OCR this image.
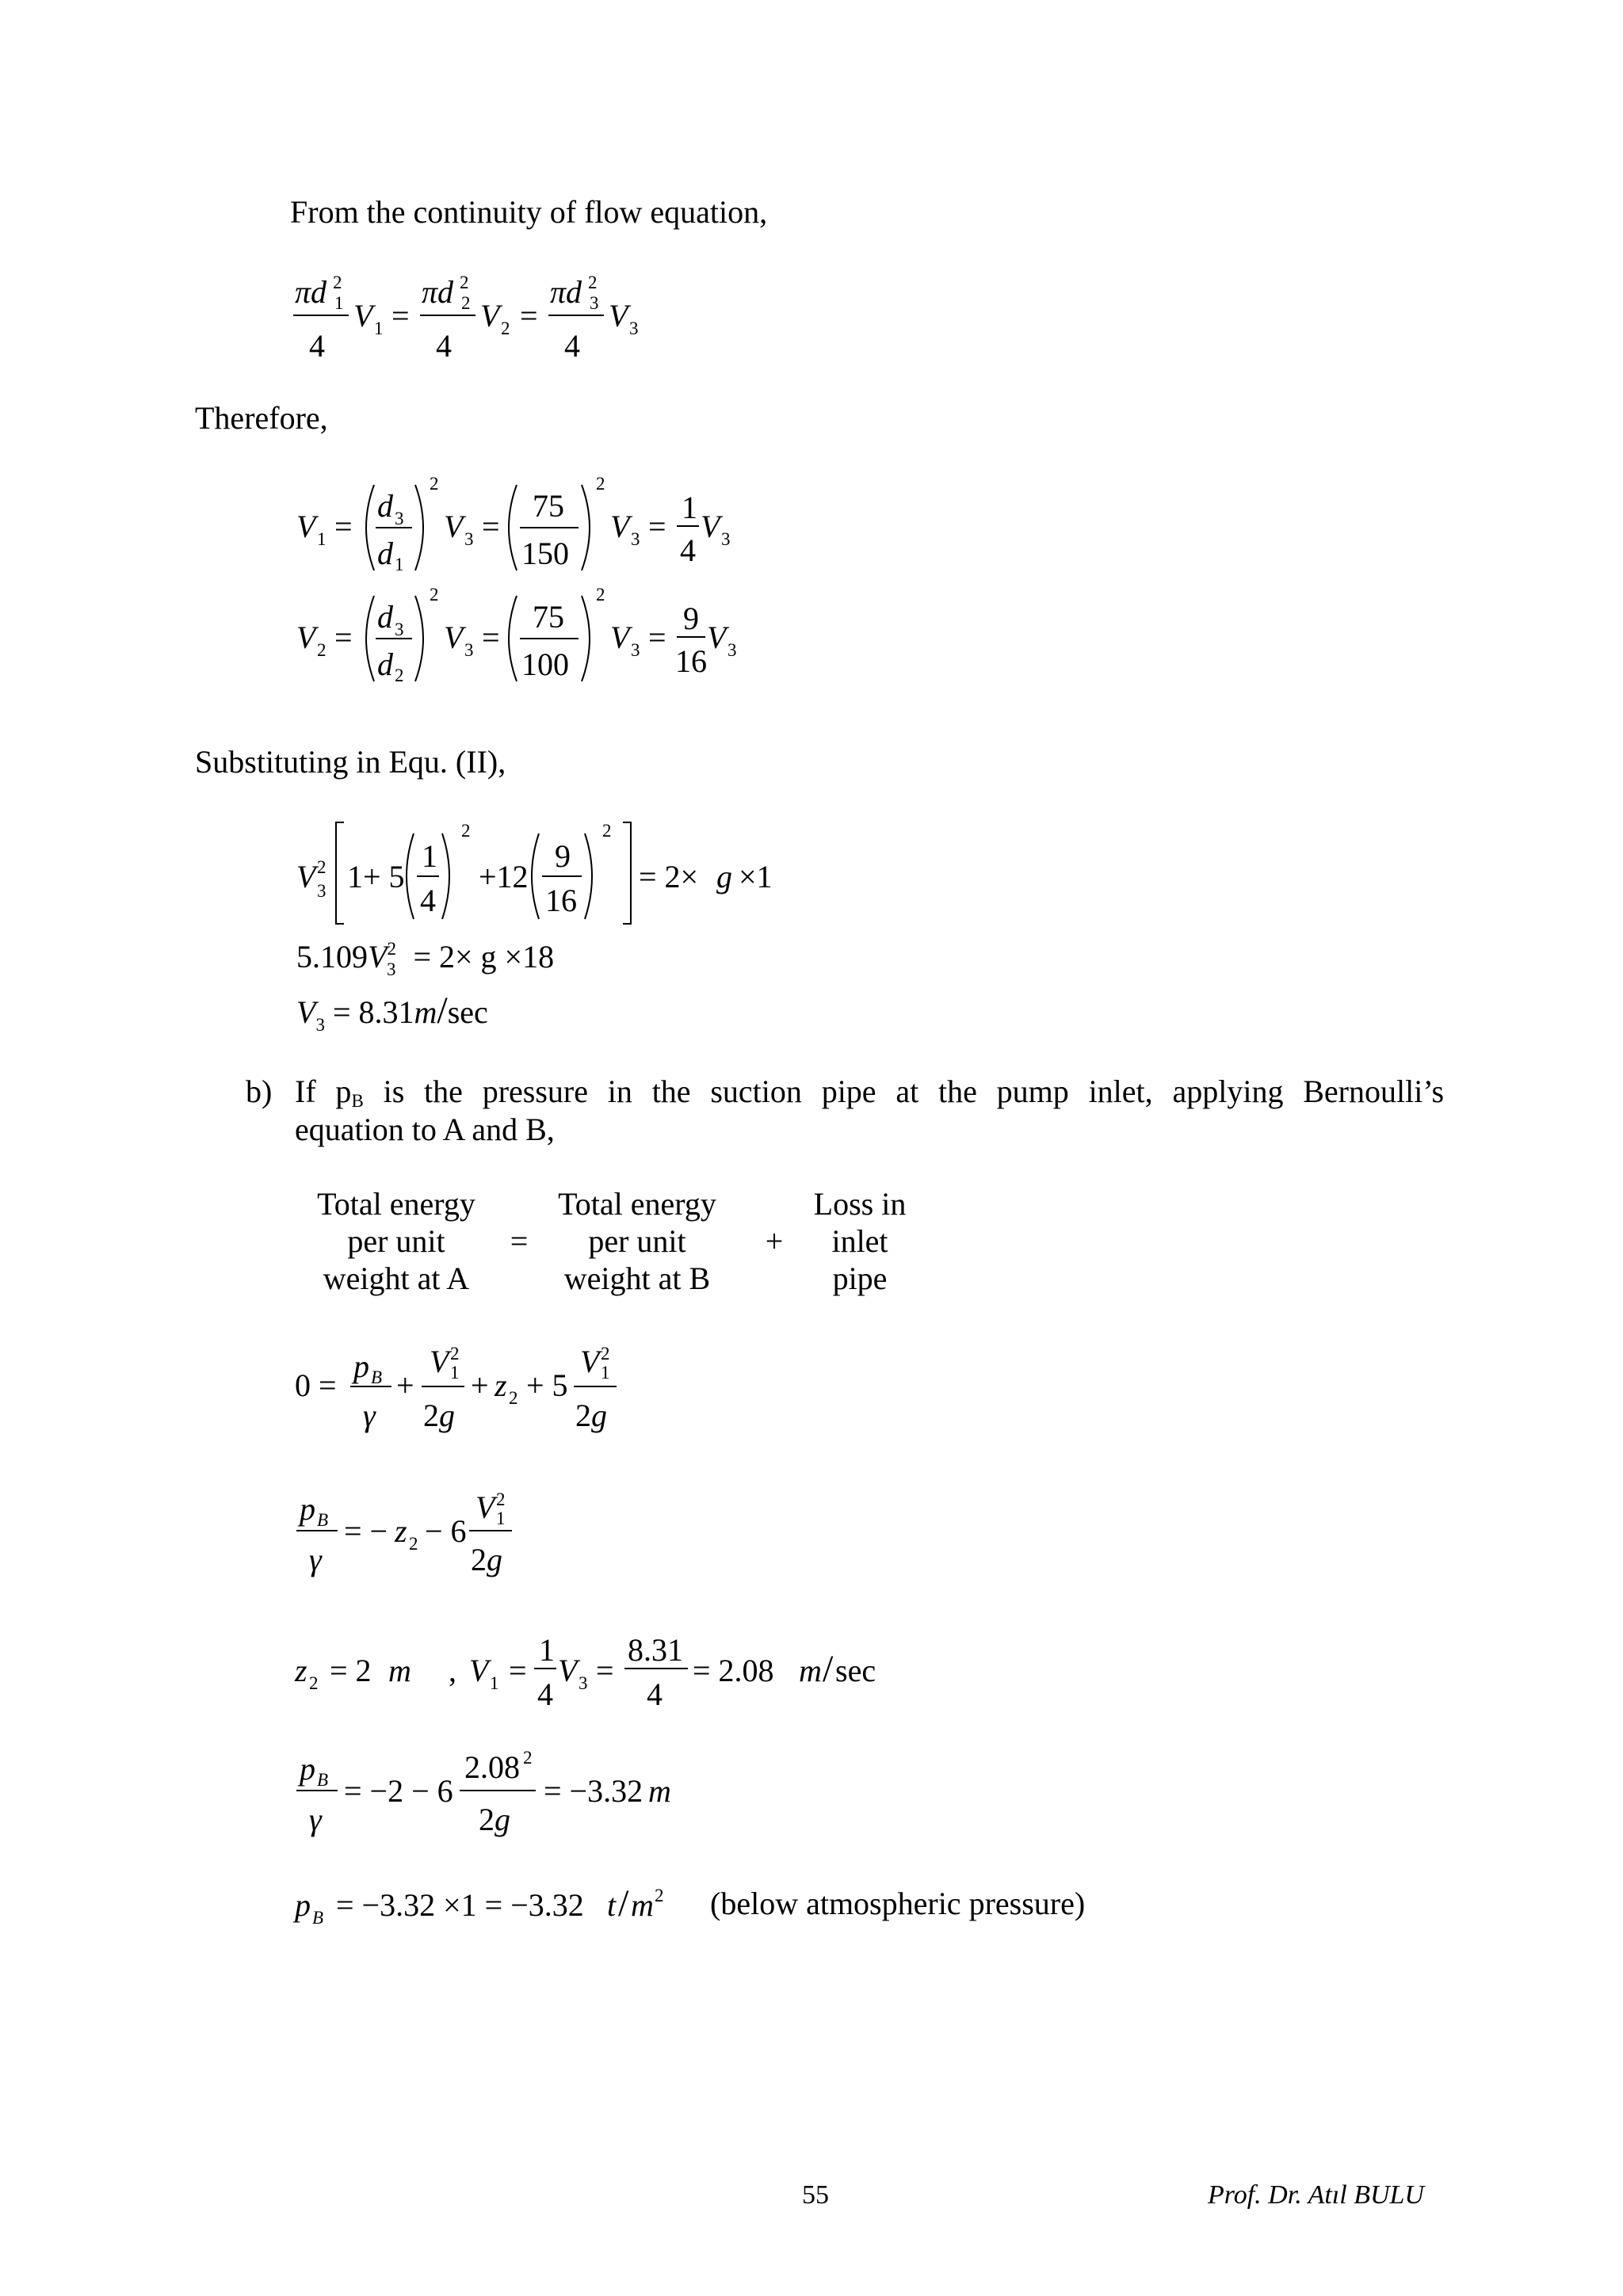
From the continuity of flow equation,
πd 2
1
4
V 1 =
πd 2
2
4
V 2 =
πd 2
3
4
V 3
Therefore,
V 1 =
d 3
d 1
2
V 3 =
75
150
2
V 3 =
1
4
V 3
V 2 =
d 3
d 2
2
V 3 =
75
100
2
V 3 =
9
16
V 3
Substituting in Equ. (II),
V 2
3 1+ 5
1
4
2
+12
9
16
2
= 2× g ×1
$5.109V^2_3 = 2\times g \times 18$
$V_3 = 8.31m/\sec$
b) If pB is the pressure in the suction pipe at the pump inlet, applying Bernoulli’s
equation to A and B,
Total energy
per unit
weight at A
=
Total energy
per unit
weight at B
+
Loss in
inlet
pipe
0 =
p B
γ
+
V 2
1
2 g
+ z 2 + 5
V 2
1
2 g
p B
γ
= − z 2 − 6
V 2
1
2 g
z 2 = 2 m , V 1 =
1
4
V 3 =
8.31
4
= 2.08 m / sec
p B
γ
= −2 − 6
2.08 2
2 g
= −3.32 m
p B = −3.32 ×1 = −3.32 t / m 2 (below atmospheric pressure)
55	Prof. Dr. Atıl BULU
